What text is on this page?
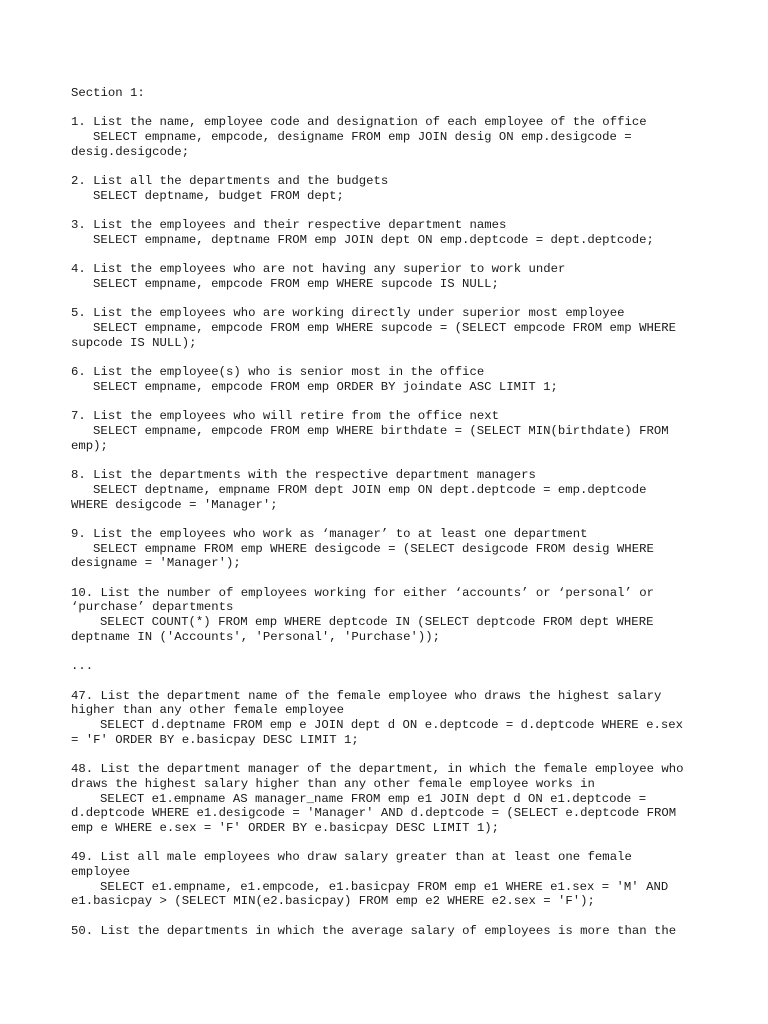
Section 1:
1. List the name, employee code and designation of each employee of the office
SELECT empname, empcode, designame FROM emp JOIN desig ON emp.desigcode =
desig.desigcode;
2. List all the departments and the budgets
SELECT deptname, budget FROM dept;
3. List the employees and their respective department names
SELECT empname, deptname FROM emp JOIN dept ON emp.deptcode = dept.deptcode;
4. List the employees who are not having any superior to work under
SELECT empname, empcode FROM emp WHERE supcode IS NULL;
5. List the employees who are working directly under superior most employee
SELECT empname, empcode FROM emp WHERE supcode = (SELECT empcode FROM emp WHERE
supcode IS NULL);
6. List the employee(s) who is senior most in the office
SELECT empname, empcode FROM emp ORDER BY joindate ASC LIMIT 1;
7. List the employees who will retire from the office next
SELECT empname, empcode FROM emp WHERE birthdate = (SELECT MIN(birthdate) FROM
emp);
8. List the departments with the respective department managers
SELECT deptname, empname FROM dept JOIN emp ON dept.deptcode = emp.deptcode
WHERE desigcode = 'Manager';
9. List the employees who work as ‘manager’ to at least one department
SELECT empname FROM emp WHERE desigcode = (SELECT desigcode FROM desig WHERE
designame = 'Manager');
10. List the number of employees working for either ‘accounts’ or ‘personal’ or
‘purchase’ departments
SELECT COUNT(*) FROM emp WHERE deptcode IN (SELECT deptcode FROM dept WHERE
deptname IN ('Accounts', 'Personal', 'Purchase'));
...
47. List the department name of the female employee who draws the highest salary
higher than any other female employee
SELECT d.deptname FROM emp e JOIN dept d ON e.deptcode = d.deptcode WHERE e.sex
= 'F' ORDER BY e.basicpay DESC LIMIT 1;
48. List the department manager of the department, in which the female employee who
draws the highest salary higher than any other female employee works in
SELECT e1.empname AS manager_name FROM emp e1 JOIN dept d ON e1.deptcode =
d.deptcode WHERE e1.desigcode = 'Manager' AND d.deptcode = (SELECT e.deptcode FROM
emp e WHERE e.sex = 'F' ORDER BY e.basicpay DESC LIMIT 1);
49. List all male employees who draw salary greater than at least one female
employee
SELECT e1.empname, e1.empcode, e1.basicpay FROM emp e1 WHERE e1.sex = 'M' AND
e1.basicpay > (SELECT MIN(e2.basicpay) FROM emp e2 WHERE e2.sex = 'F');
50. List the departments in which the average salary of employees is more than the
